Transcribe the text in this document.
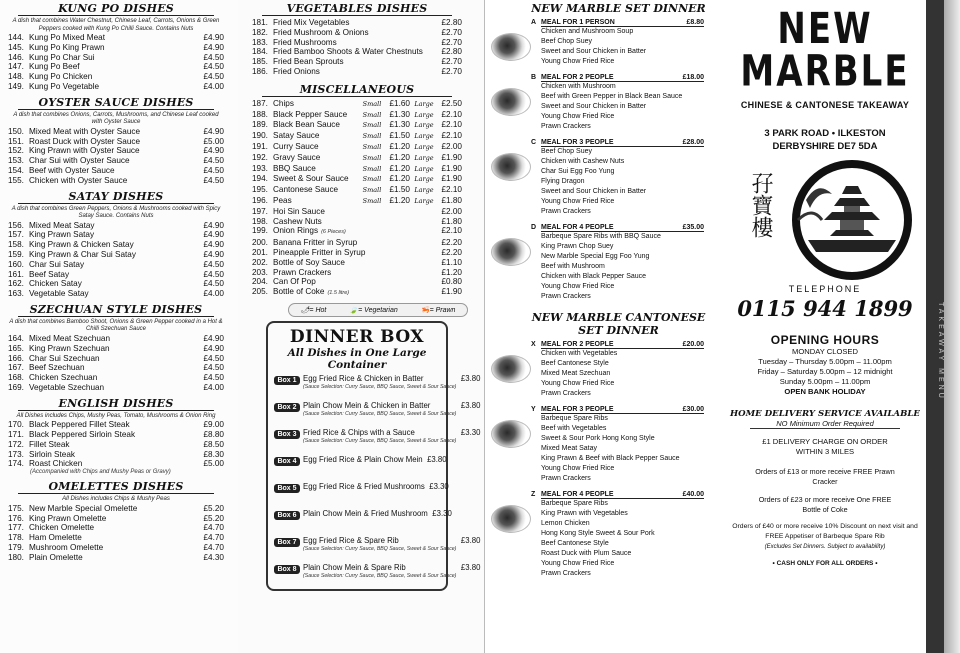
KUNG PO DISHES
A dish that combines Water Chestnut, Chinese Leaf, Carrots, Onions & Green Peppers cooked with Kung Po Chilli Sauce. Contains Nuts
144. Kung Po Mixed Meat	£4.90
145. Kung Po King Prawn	£4.90
146. Kung Po Char Sui	£4.50
147. Kung Po Beef	£4.50
148. Kung Po Chicken	£4.50
149. Kung Po Vegetable	£4.00
OYSTER SAUCE DISHES
A dish that combines Onions, Carrots, Mushrooms, and Chinese Leaf cooked with Oyster Sauce
150. Mixed Meat with Oyster Sauce	£4.90
151. Roast Duck with Oyster Sauce	£5.00
152. King Prawn with Oyster Sauce	£4.90
153. Char Sui with Oyster Sauce	£4.50
154. Beef with Oyster Sauce	£4.50
155. Chicken with Oyster Sauce	£4.50
SATAY DISHES
A dish that combines Green Peppers, Onions & Mushrooms cooked with Spicy Satay Sauce. Contains Nuts
156. Mixed Meat Satay	£4.90
157. King Prawn Satay	£4.90
158. King Prawn & Chicken Satay	£4.90
159. King Prawn & Char Sui Satay	£4.90
160. Char Sui Satay	£4.50
161. Beef Satay	£4.50
162. Chicken Satay	£4.50
163. Vegetable Satay	£4.00
SZECHUAN STYLE DISHES
A dish that combines Bamboo Shoot, Onions & Green Pepper cooked in a Hot & Chilli Szechuan Sauce
164. Mixed Meat Szechuan	£4.90
165. King Prawn Szechuan	£4.90
166. Char Sui Szechuan	£4.50
167. Beef Szechuan	£4.50
168. Chicken Szechuan	£4.50
169. Vegetable Szechuan	£4.00
ENGLISH DISHES
All Dishes includes Chips, Mushy Peas, Tomato, Mushrooms & Onion Ring
170. Black Peppered Fillet Steak	£9.00
171. Black Peppered Sirloin Steak	£8.80
172. Fillet Steak	£8.50
173. Sirloin Steak	£8.30
174. Roast Chicken	£5.00
(Accompanied with Chips and Mushy Peas or Gravy)
OMELETTES DISHES
All Dishes includes Chips & Mushy Peas
175. New Marble Special Omelette	£5.20
176. King Prawn Omelette	£5.20
177. Chicken Omelette	£4.70
178. Ham Omelette	£4.70
179. Mushroom Omelette	£4.70
180. Plain Omelette	£4.30
VEGETABLES DISHES
181. Fried Mix Vegetables	£2.80
182. Fried Mushroom & Onions	£2.70
183. Fried Mushrooms	£2.70
184. Fried Bamboo Shoots & Water Chestnuts	£2.80
185. Fried Bean Sprouts	£2.70
186. Fried Onions	£2.70
MISCELLANEOUS
187. Chips	Small £1.60 Large £2.50
188. Black Pepper Sauce	Small £1.30 Large £2.10
189. Black Bean Sauce	Small £1.30 Large £2.10
190. Satay Sauce	Small £1.50 Large £2.10
191. Curry Sauce	Small £1.20 Large £2.00
192. Gravy Sauce	Small £1.20 Large £1.90
193. BBQ Sauce	Small £1.20 Large £1.90
194. Sweet & Sour Sauce	Small £1.20 Large £1.90
195. Cantonese Sauce	Small £1.50 Large £2.10
196. Peas	Small £1.20 Large £1.80
197. Hoi Sin Sauce	£2.00
198. Cashew Nuts	£1.80
199. Onion Rings (6 Pieces)	£2.10
200. Banana Fritter in Syrup	£2.20
201. Pineapple Fritter in Syrup	£2.20
202. Bottle of Soy Sauce	£1.10
203. Prawn Crackers	£1.20
204. Can Of Pop	£0.80
205. Bottle of Coke (1.5 litre)	£1.90
🌶= Hot	🍃= Vegetarian	🦐= Prawn
DINNER BOX
All Dishes in One Large Container
Box 1 Egg Fried Rice & Chicken in Batter
(Sauce Selection: Curry Sauce, BBQ Sauce, Sweet & Sour Sauce)
£3.80
Box 2 Plain Chow Mein & Chicken in Batter
(Sauce Selection: Curry Sauce, BBQ Sauce, Sweet & Sour Sauce)
£3.80
Box 3 Fried Rice & Chips with a Sauce
(Sauce Selection: Curry Sauce, BBQ Sauce, Sweet & Sour Sauce)
£3.30
Box 4 Egg Fried Rice & Plain Chow Mein £3.80
Box 5 Egg Fried Rice & Fried Mushrooms £3.30
Box 6 Plain Chow Mein & Fried Mushroom £3.30
Box 7 Egg Fried Rice & Spare Rib
(Sauce Selection: Curry Sauce, BBQ Sauce, Sweet & Sour Sauce)
£3.80
Box 8 Plain Chow Mein & Spare Rib
(Sauce Selection: Curry Sauce, BBQ Sauce, Sweet & Sour Sauce)
£3.80
NEW MARBLE SET DINNER
A MEAL FOR 1 PERSON	£8.80
Chicken and Mushroom Soup
Beef Chop Suey
Sweet and Sour Chicken in Batter
Young Chow Fried Rice
B MEAL FOR 2 PEOPLE	£18.00
Chicken with Mushroom
Beef with Green Pepper in Black Bean Sauce
Sweet and Sour Chicken in Batter
Young Chow Fried Rice
Prawn Crackers
C MEAL FOR 3 PEOPLE	£28.00
Beef Chop Suey
Chicken with Cashew Nuts
Char Sui Egg Foo Yung
Flying Dragon
Sweet and Sour Chicken in Batter
Young Chow Fried Rice
Prawn Crackers
D MEAL FOR 4 PEOPLE	£35.00
Barbeque Spare Ribs with BBQ Sauce
King Prawn Chop Suey
New Marble Special Egg Foo Yung
Beef with Mushroom
Chicken with Black Pepper Sauce
Young Chow Fried Rice
Prawn Crackers
NEW MARBLE CANTONESE SET DINNER
X MEAL FOR 2 PEOPLE	£20.00
Chicken with Vegetables
Beef Cantonese Style
Mixed Meat Szechuan
Young Chow Fried Rice
Prawn Crackers
Y MEAL FOR 3 PEOPLE	£30.00
Barbeque Spare Ribs
Beef with Vegetables
Sweet & Sour Pork Hong Kong Style
Mixed Meat Satay
King Prawn & Beef with Black Pepper Sauce
Young Chow Fried Rice
Prawn Crackers
Z MEAL FOR 4 PEOPLE	£40.00
Barbeque Spare Ribs
King Prawn with Vegetables
Lemon Chicken
Hong Kong Style Sweet & Sour Pork
Beef Cantonese Style
Roast Duck with Plum Sauce
Young Chow Fried Rice
Prawn Crackers
NEW MARBLE
CHINESE & CANTONESE TAKEAWAY
3 PARK ROAD • ILKESTON
DERBYSHIRE DE7 5DA
孖寶樓
TELEPHONE
0115 944 1899
OPENING HOURS
MONDAY CLOSED
Tuesday – Thursday 5.00pm – 11.00pm
Friday – Saturday 5.00pm – 12 midnight
Sunday 5.00pm – 11.00pm
OPEN BANK HOLIDAY
HOME DELIVERY SERVICE AVAILABLE
NO Minimum Order Required
£1 DELIVERY CHARGE ON ORDER WITHIN 3 MILES
Orders of £13 or more receive FREE Prawn Cracker
Orders of £23 or more receive One FREE Bottle of Coke
Orders of £40 or more receive 10% Discount on next visit and FREE Appetiser of Barbeque Spare Rib
(Excludes Set Dinners. Subject to availability)
• CASH ONLY FOR ALL ORDERS •
TAKEAWAY MENU
